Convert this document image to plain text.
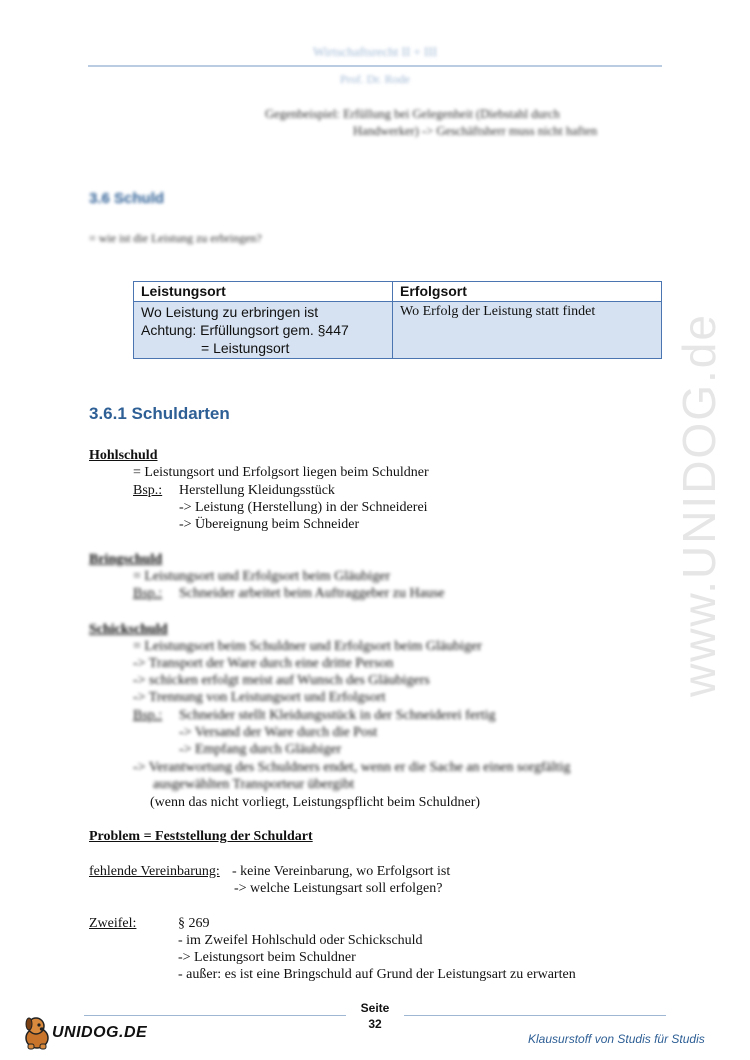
www.UNIDOG.de
Wirtschaftsrecht II + III
Prof. Dr. Rode
Gegenbeispiel: Erfüllung bei Gelegenheit (Diebstahl durch
Handwerker) -> Geschäftsherr muss nicht haften
3.6 Schuld
= wie ist die Leistung zu erbringen?
Leistungsort	Erfolgsort

Wo Leistung zu erbringen ist
Achtung: Erfüllungsort gem. §447
= Leistungsort	Wo Erfolg der Leistung statt findet
3.6.1 Schuldarten
Hohlschuld
= Leistungsort und Erfolgsort liegen beim Schuldner
Bsp.: Herstellung Kleidungsstück
-> Leistung (Herstellung) in der Schneiderei
-> Übereignung beim Schneider
Bringschuld
= Leistungsort und Erfolgsort beim Gläubiger
Bsp.: Schneider arbeitet beim Auftraggeber zu Hause
Schickschuld
= Leistungsort beim Schuldner und Erfolgsort beim Gläubiger
-> Transport der Ware durch eine dritte Person
-> schicken erfolgt meist auf Wunsch des Gläubigers
-> Trennung von Leistungsort und Erfolgsort
Bsp.: Schneider stellt Kleidungsstück in der Schneiderei fertig
-> Versand der Ware durch die Post
-> Empfang durch Gläubiger
-> Verantwortung des Schuldners endet, wenn er die Sache an einen sorgfältig
ausgewählten Transporteur übergibt
(wenn das nicht vorliegt, Leistungspflicht beim Schuldner)
Problem = Feststellung der Schuldart
fehlende Vereinbarung: - keine Vereinbarung, wo Erfolgsort ist
-> welche Leistungsart soll erfolgen?
Zweifel:	§ 269
- im Zweifel Hohlschuld oder Schickschuld
-> Leistungsort beim Schuldner
- außer: es ist eine Bringschuld auf Grund der Leistungsart zu erwarten
Seite
32
UNIDOG.DE	Klausurstoff von Studis für Studis
